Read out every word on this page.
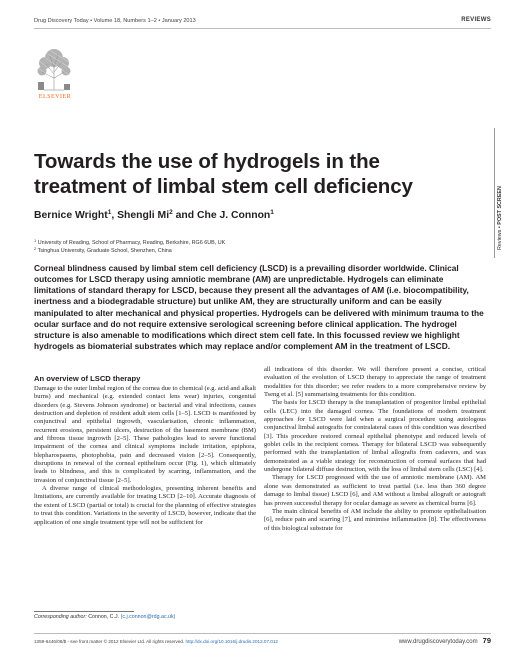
Drug Discovery Today • Volume 18, Numbers 1–2 • January 2013	REVIEWS
ELSEVIER
Reviews • POST SCREEN
Towards the use of hydrogels in the treatment of limbal stem cell deficiency
Bernice Wright$^1$, Shengli Mi$^2$ and Che J. Connon$^1$
$^1$ University of Reading, School of Pharmacy, Reading, Berkshire, RG6 6UB, UK
$^2$ Tsinghua University, Graduate School, Shenzhen, China

Corneal blindness caused by limbal stem cell deficiency (LSCD) is a prevailing disorder worldwide. Clinical outcomes for LSCD therapy using amniotic membrane (AM) are unpredictable. Hydrogels can eliminate limitations of standard therapy for LSCD, because they present all the advantages of AM (i.e. biocompatibility, inertness and a biodegradable structure) but unlike AM, they are structurally uniform and can be easily manipulated to alter mechanical and physical properties. Hydrogels can be delivered with minimum trauma to the ocular surface and do not require extensive serological screening before clinical application. The hydrogel structure is also amenable to modifications which direct stem cell fate. In this focussed review we highlight hydrogels as biomaterial substrates which may replace and/or complement AM in the treatment of LSCD.

An overview of LSCD therapy

Damage to the outer limbal region of the cornea due to chemical (e.g. acid and alkali burns) and mechanical (e.g. extended contact lens wear) injuries, congenital disorders (e.g. Stevens Johnson syndrome) or bacterial and viral infections, causes destruction and depletion of resident adult stem cells [1–5]. LSCD is manifested by conjunctival and epithelial ingrowth, vascularisation, chronic inflammation, recurrent erosions, persistent ulcers, destruction of the basement membrane (BM) and fibrous tissue ingrowth [2–5]. These pathologies lead to severe functional impairment of the cornea and clinical symptoms include irritation, epiphora, blepharospasms, photophobia, pain and decreased vision [2–5]. Consequently, disruptions in renewal of the corneal epithelium occur (Fig. 1), which ultimately leads to blindness, and this is complicated by scarring, inflammation, and the invasion of conjunctival tissue [2–5].

A diverse range of clinical methodologies, presenting inherent benefits and limitations, are currently available for treating LSCD [2–10]. Accurate diagnosis of the extent of LSCD (partial or total) is crucial for the planning of effective strategies to treat this condition. Variations in the severity of LSCD, however, indicate that the application of one single treatment type will not be sufficient for

all indications of this disorder. We will therefore present a concise, critical evaluation of the evolution of LSCD therapy to appreciate the range of treatment modalities for this disorder; we refer readers to a more comprehensive review by Tseng et al. [5] summarising treatments for this condition.

The basis for LSCD therapy is the transplantation of progenitor limbal epithelial cells (LEC) into the damaged cornea. The foundations of modern treatment approaches for LSCD were laid when a surgical procedure using autologous conjunctival limbal autografts for contralateral cases of this condition was described [3]. This procedure restored corneal epithelial phenotype and reduced levels of goblet cells in the recipient cornea. Therapy for bilateral LSCD was subsequently performed with the transplantation of limbal allografts from cadavers, and was demonstrated as a viable strategy for reconstruction of corneal surfaces that had undergone bilateral diffuse destruction, with the loss of limbal stem cells (LSC) [4].

Therapy for LSCD progressed with the use of amniotic membrane (AM). AM alone was demonstrated as sufficient to treat partial (i.e. less than 360 degree damage to limbal tissue) LSCD [6], and AM without a limbal allograft or autograft has proven successful therapy for ocular damage as severe as chemical burns [6].

The main clinical benefits of AM include the ability to promote epithelialisation [6], reduce pain and scarring [7], and minimise inflammation [8]. The effectiveness of this biological substrate for

Corresponding author: Connon, C.J. (c.j.connon@rdg.ac.uk)
1359-6446/06/$ - see front matter © 2012 Elsevier Ltd. All rights reserved. http://dx.doi.org/10.1016/j.drudis.2012.07.012	www.drugdiscoverytoday.com 79
